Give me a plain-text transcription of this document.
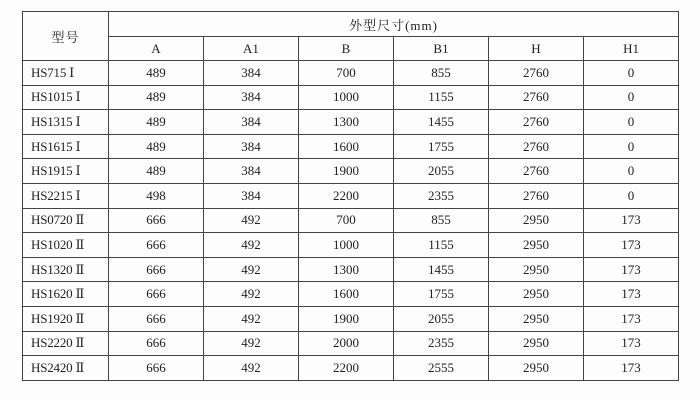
型号	外型尺寸(mm)					
	A	A1	B	B1	H	H1
HS715 Ⅰ	489	384	700	855	2760	0
HS1015 Ⅰ	489	384	1000	1155	2760	0
HS1315 Ⅰ	489	384	1300	1455	2760	0
HS1615 Ⅰ	489	384	1600	1755	2760	0
HS1915 Ⅰ	489	384	1900	2055	2760	0
HS2215 Ⅰ	498	384	2200	2355	2760	0
HS0720 Ⅱ	666	492	700	855	2950	173
HS1020 Ⅱ	666	492	1000	1155	2950	173
HS1320 Ⅱ	666	492	1300	1455	2950	173
HS1620 Ⅱ	666	492	1600	1755	2950	173
HS1920 Ⅱ	666	492	1900	2055	2950	173
HS2220 Ⅱ	666	492	2000	2355	2950	173
HS2420 Ⅱ	666	492	2200	2555	2950	173
